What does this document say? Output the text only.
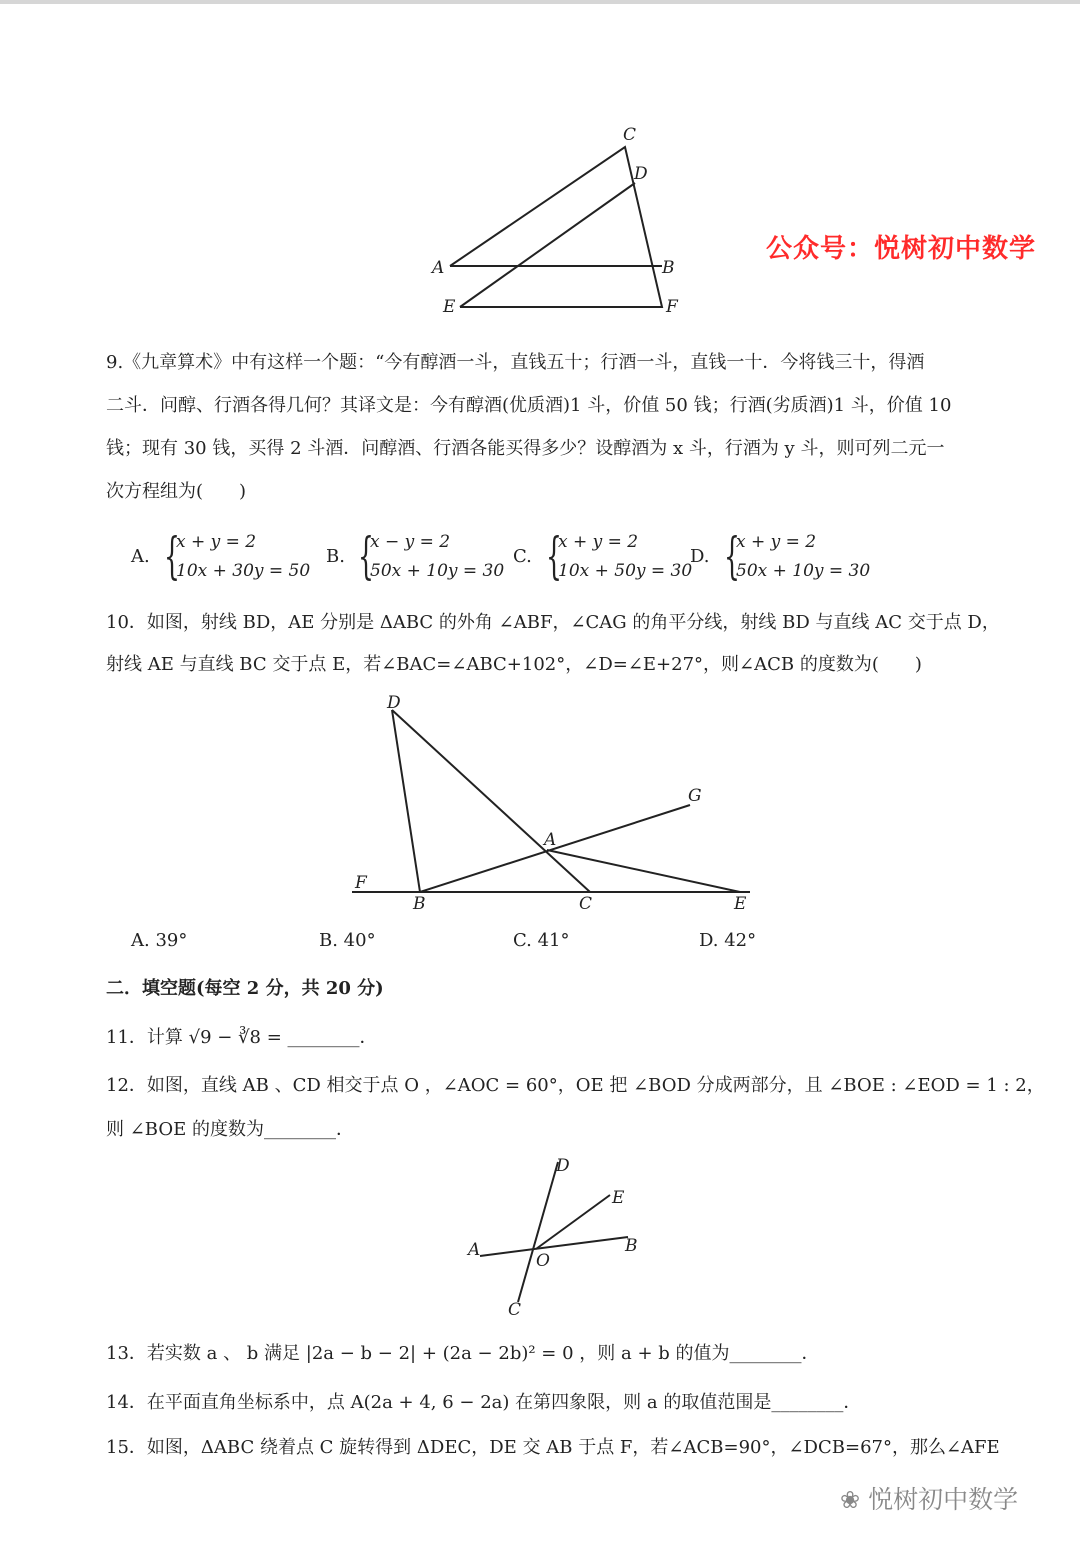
C
D
A	B
E	F
公众号：悦树初中数学
9.《九章算术》中有这样一个题：“今有醇酒一斗，直钱五十；行酒一斗，直钱一十．今将钱三十，得酒
二斗．问醇、行酒各得几何？其译文是：今有醇酒(优质酒)1 斗，价值 50 钱；行酒(劣质酒)1 斗，价值 10
钱；现有 30 钱，买得 2 斗酒．问醇酒、行酒各能买得多少？设醇酒为 x 斗，行酒为 y 斗，则可列二元一
次方程组为(　　)
A. {
x + y = 2
10x + 30y = 50
B. {
x − y = 2
50x + 10y = 30
C. {
x + y = 2
10x + 50y = 30
D. {
x + y = 2
50x + 10y = 30
10．如图，射线 BD，AE 分别是 ΔABC 的外角 ∠ABF，∠CAG 的角平分线，射线 BD 与直线 AC 交于点 D，
射线 AE 与直线 BC 交于点 E，若∠BAC=∠ABC+102°，∠D=∠E+27°，则∠ACB 的度数为(　　)
D
G
A
F
B	C	E
A. 39°	B. 40°	C. 41°	D. 42°
二．填空题(每空 2 分，共 20 分)
11．计算 √9 − ∛8 = ________．
12．如图，直线 AB 、CD 相交于点 O ，∠AOC = 60°，OE 把 ∠BOD 分成两部分，且 ∠BOE : ∠EOD = 1 : 2，
则 ∠BOE 的度数为________．
D
E
A	B
O
C
13．若实数 a 、 b 满足 |2a − b − 2| + (2a − 2b)² = 0 ，则 a + b 的值为________．
14．在平面直角坐标系中，点 A(2a + 4, 6 − 2a) 在第四象限，则 a 的取值范围是________．
15．如图，ΔABC 绕着点 C 旋转得到 ΔDEC，DE 交 AB 于点 F，若∠ACB=90°，∠DCB=67°，那么∠AFE
❀ 悦树初中数学
